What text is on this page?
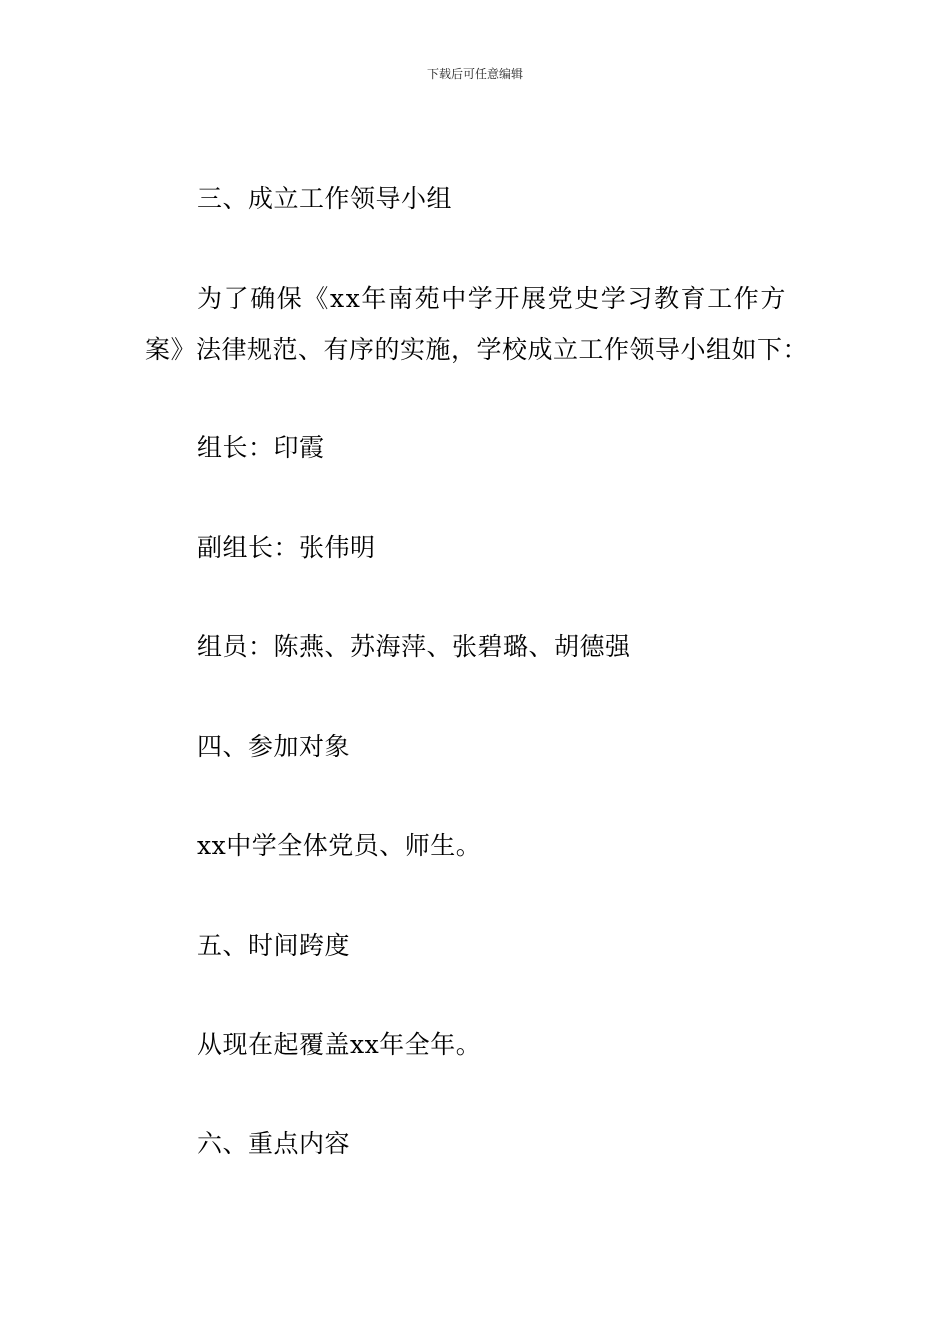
下载后可任意编辑
三、成立工作领导小组
为了确保《xx年南苑中学开展党史学习教育工作方
案》法律规范、有序的实施，学校成立工作领导小组如下：
组长：印霞
副组长：张伟明
组员：陈燕、苏海萍、张碧璐、胡德强
四、参加对象
xx中学全体党员、师生。
五、时间跨度
从现在起覆盖xx年全年。
六、重点内容
